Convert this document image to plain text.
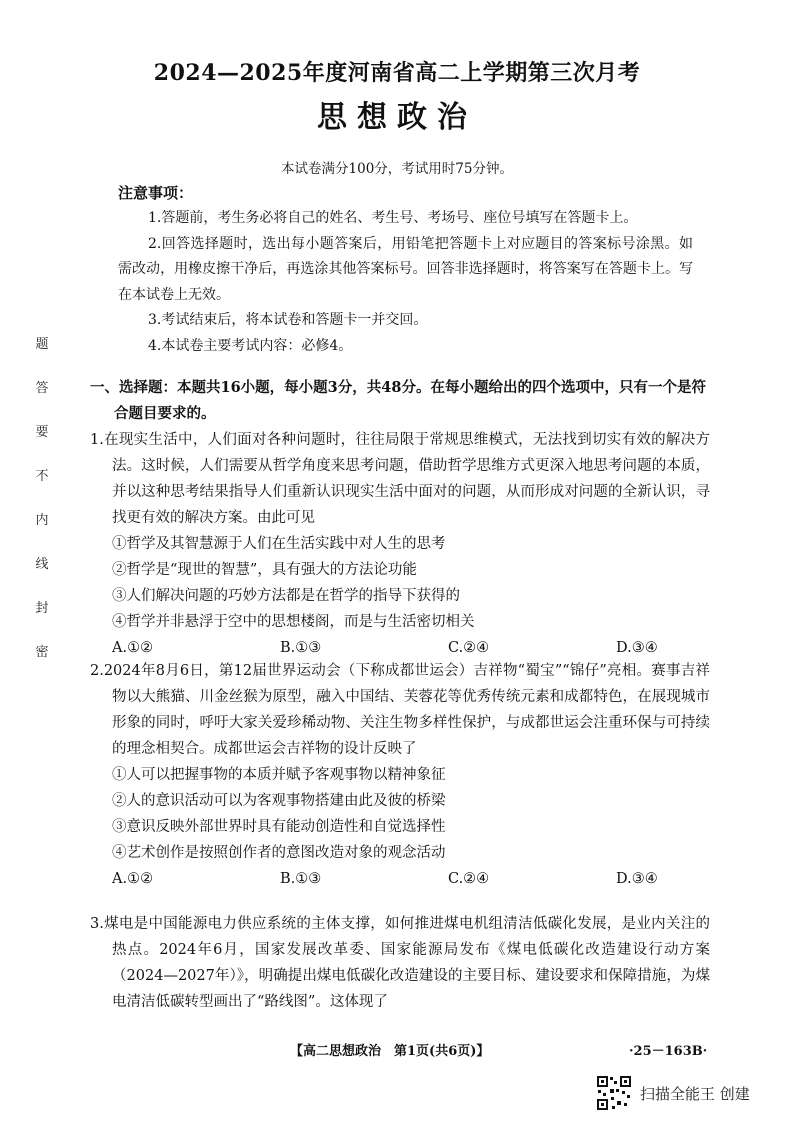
题
答
要
不
内
线
封
密
2024—2025年度河南省高二上学期第三次月考
思想政治
本试卷满分100分，考试用时75分钟。
注意事项：

1.答题前，考生务必将自己的姓名、考生号、考场号、座位号填写在答题卡上。

2.回答选择题时，选出每小题答案后，用铅笔把答题卡上对应题目的答案标号涂黑。如需改动，用橡皮擦干净后，再选涂其他答案标号。回答非选择题时，将答案写在答题卡上。写在本试卷上无效。

3.考试结束后，将本试卷和答题卡一并交回。

4.本试卷主要考试内容：必修4。

一、选择题：本题共16小题，每小题3分，共48分。在每小题给出的四个选项中，只有一个是符合题目要求的。

1.在现实生活中，人们面对各种问题时，往往局限于常规思维模式，无法找到切实有效的解决方法。这时候，人们需要从哲学角度来思考问题，借助哲学思维方式更深入地思考问题的本质，并以这种思考结果指导人们重新认识现实生活中面对的问题，从而形成对问题的全新认识，寻找更有效的解决方案。由此可见

①哲学及其智慧源于人们在生活实践中对人生的思考

②哲学是“现世的智慧”，具有强大的方法论功能

③人们解决问题的巧妙方法都是在哲学的指导下获得的

④哲学并非悬浮于空中的思想楼阁，而是与生活密切相关

A.①②	B.①③	C.②④	D.③④

2.2024年8月6日，第12届世界运动会（下称成都世运会）吉祥物“蜀宝”“锦仔”亮相。赛事吉祥物以大熊猫、川金丝猴为原型，融入中国结、芙蓉花等优秀传统元素和成都特色，在展现城市形象的同时，呼吁大家关爱珍稀动物、关注生物多样性保护，与成都世运会注重环保与可持续的理念相契合。成都世运会吉祥物的设计反映了

①人可以把握事物的本质并赋予客观事物以精神象征

②人的意识活动可以为客观事物搭建由此及彼的桥梁

③意识反映外部世界时具有能动创造性和自觉选择性

④艺术创作是按照创作者的意图改造对象的观念活动

A.①②	B.①③	C.②④	D.③④

3.煤电是中国能源电力供应系统的主体支撑，如何推进煤电机组清洁低碳化发展，是业内关注的热点。2024年6月，国家发展改革委、国家能源局发布《煤电低碳化改造建设行动方案（2024—2027年）》，明确提出煤电低碳化改造建设的主要目标、建设要求和保障措施，为煤电清洁低碳转型画出了“路线图”。这体现了

【高二思想政治　第1页(共6页)】	·25－163B·
扫描全能王 创建
